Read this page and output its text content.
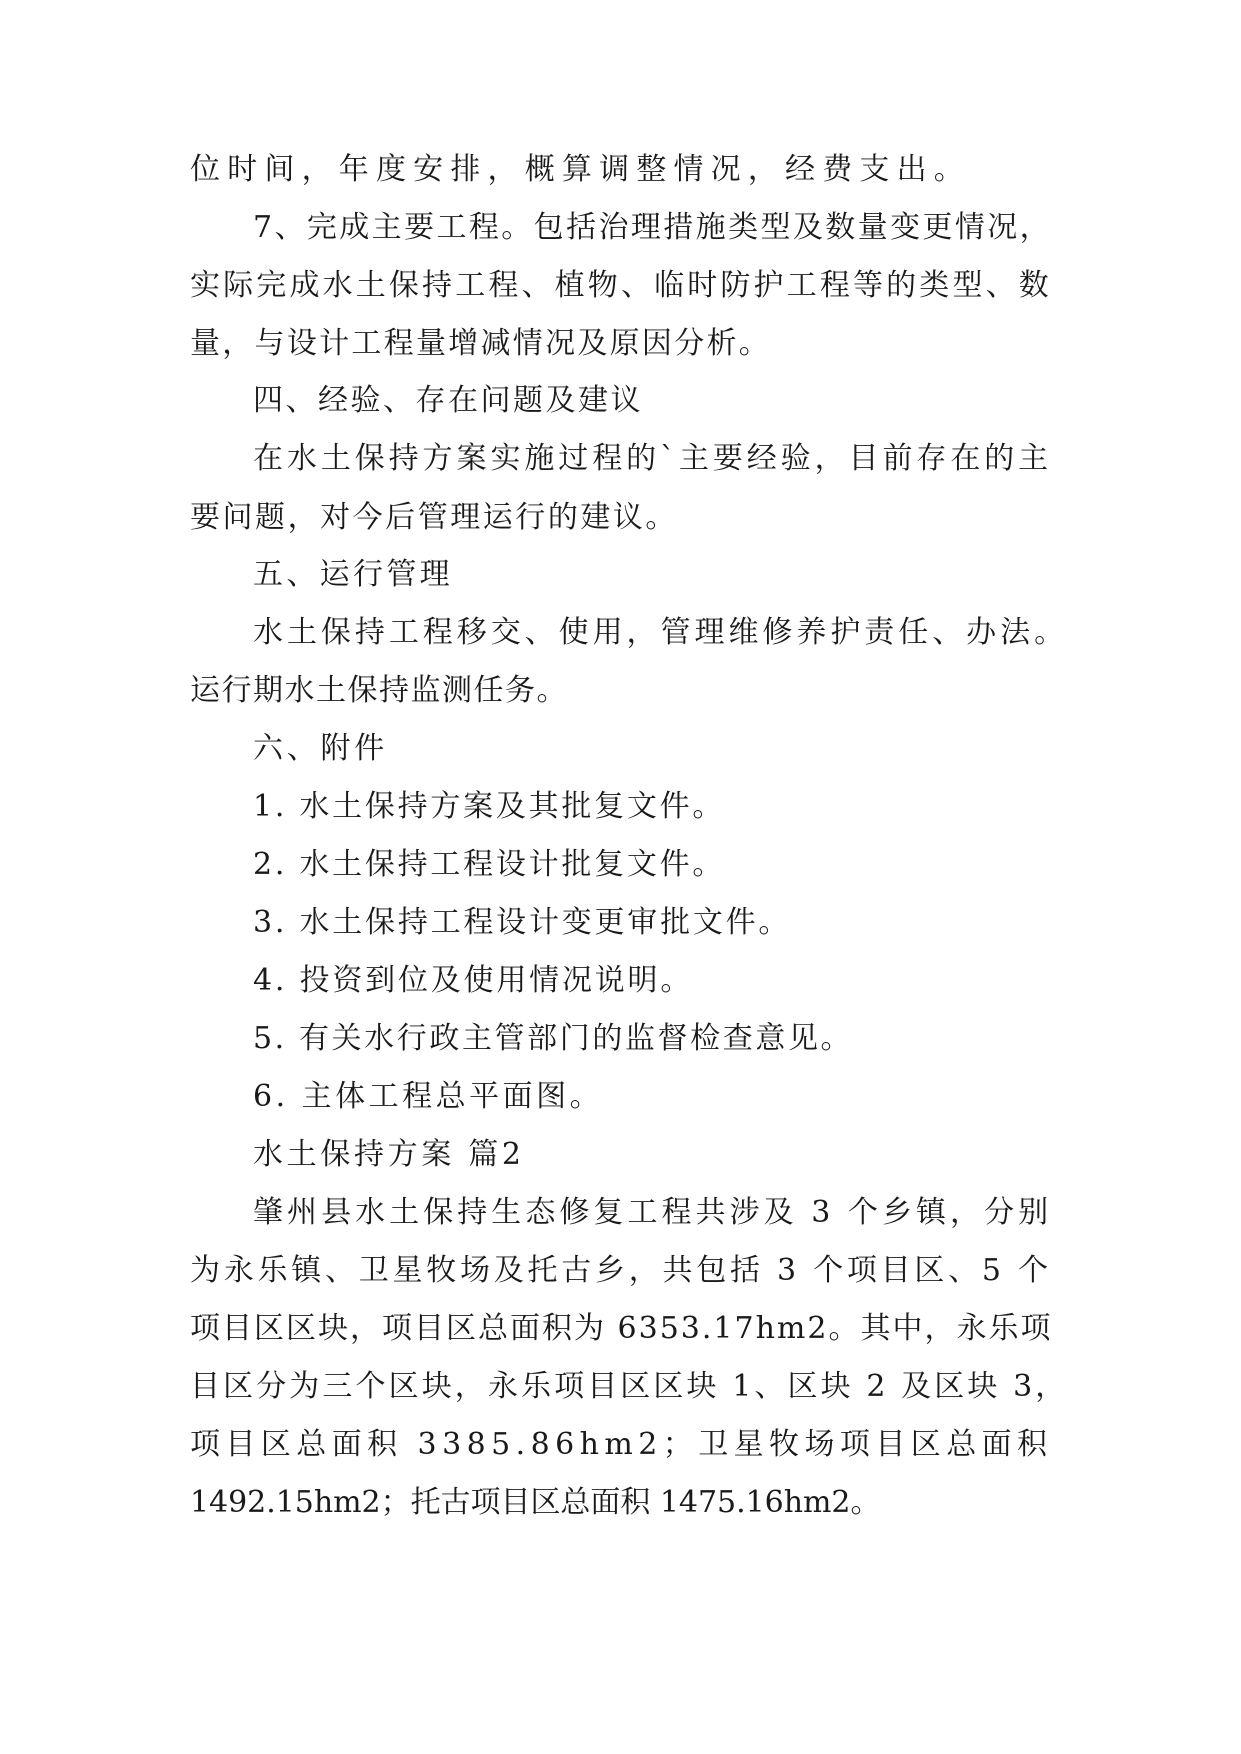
位时间，年度安排，概算调整情况，经费支出。
7、完成主要工程。包括治理措施类型及数量变更情况，
实际完成水土保持工程、植物、临时防护工程等的类型、数
量，与设计工程量增减情况及原因分析。
四、经验、存在问题及建议
在水土保持方案实施过程的`主要经验，目前存在的主
要问题，对今后管理运行的建议。
五、运行管理
水土保持工程移交、使用，管理维修养护责任、办法。
运行期水土保持监测任务。
六、附件
1. 水土保持方案及其批复文件。
2. 水土保持工程设计批复文件。
3. 水土保持工程设计变更审批文件。
4. 投资到位及使用情况说明。
5. 有关水行政主管部门的监督检查意见。
6. 主体工程总平面图。
水土保持方案 篇2
肇州县水土保持生态修复工程共涉及 3 个乡镇，分别
为永乐镇、卫星牧场及托古乡，共包括 3 个项目区、5 个
项目区区块，项目区总面积为 6353.17hm2。其中，永乐项
目区分为三个区块，永乐项目区区块 1、区块 2 及区块 3，
项目区总面积 3385.86hm2；卫星牧场项目区总面积
1492.15hm2；托古项目区总面积 1475.16hm2。
